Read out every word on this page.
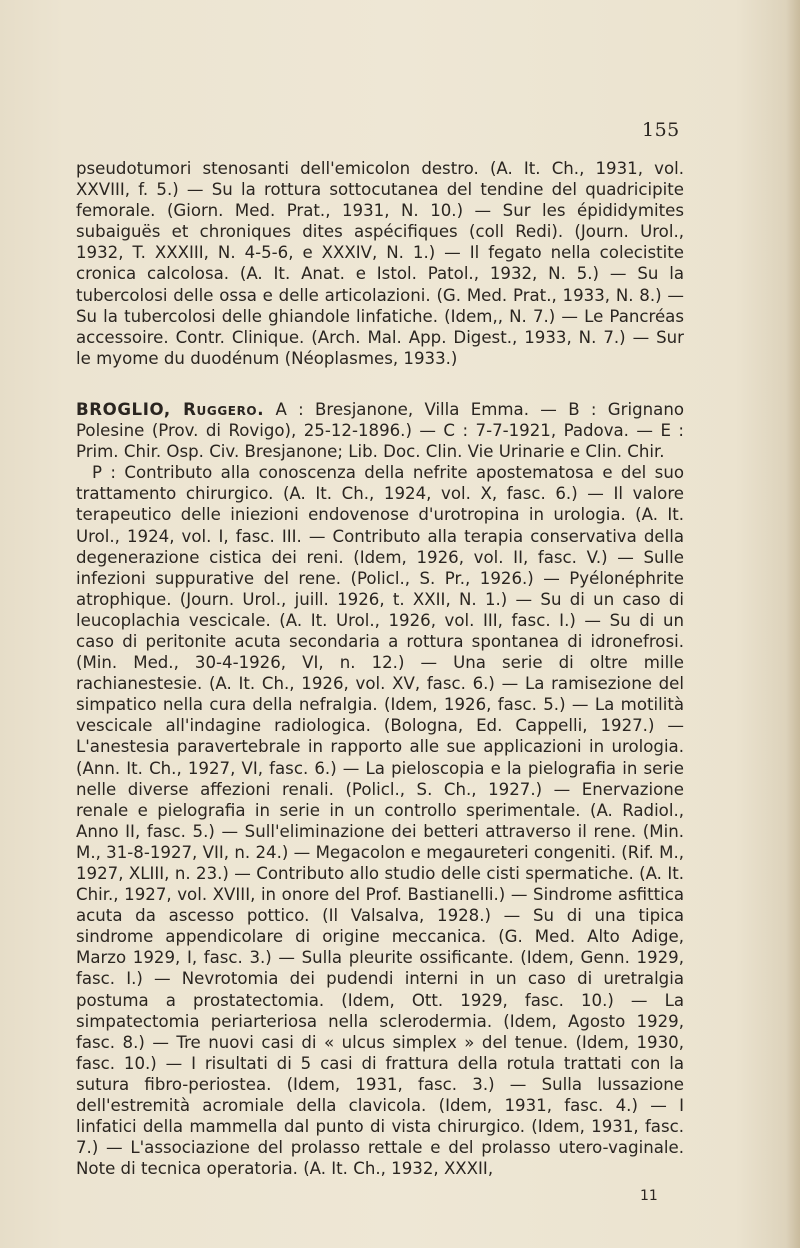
155

pseudotumori stenosanti dell'emicolon destro. (A. It. Ch., 1931, vol. XXVIII, f. 5.) — Su la rottura sottocutanea del tendine del quadricipite femorale. (Giorn. Med. Prat., 1931, N. 10.) — Sur les épididymites subaiguës et chroniques dites aspécifiques (coll Redi). (Journ. Urol., 1932, T. XXXIII, N. 4-5-6, e XXXIV, N. 1.) — Il fegato nella colecistite cronica calcolosa. (A. It. Anat. e Istol. Patol., 1932, N. 5.) — Su la tubercolosi delle ossa e delle articolazioni. (G. Med. Prat., 1933, N. 8.) — Su la tubercolosi delle ghiandole linfatiche. (Idem,, N. 7.) — Le Pancréas accessoire. Contr. Clinique. (Arch. Mal. App. Digest., 1933, N. 7.) — Sur le myome du duodénum (Néoplasmes, 1933.)

BROGLIO, Ruggero. A : Bresjanone, Villa Emma. — B : Grignano Polesine (Prov. di Rovigo), 25-12-1896.) — C : 7-7-1921, Padova. — E : Prim. Chir. Osp. Civ. Bresjanone; Lib. Doc. Clin. Vie Urinarie e Clin. Chir.

P : Contributo alla conoscenza della nefrite apostematosa e del suo trattamento chirurgico. (A. It. Ch., 1924, vol. X, fasc. 6.) — Il valore terapeutico delle iniezioni endovenose d'urotropina in urologia. (A. It. Urol., 1924, vol. I, fasc. III. — Contributo alla terapia conservativa della degenerazione cistica dei reni. (Idem, 1926, vol. II, fasc. V.) — Sulle infezioni suppurative del rene. (Policl., S. Pr., 1926.) — Pyélonéphrite atrophique. (Journ. Urol., juill. 1926, t. XXII, N. 1.) — Su di un caso di leucoplachia vescicale. (A. It. Urol., 1926, vol. III, fasc. I.) — Su di un caso di peritonite acuta secondaria a rottura spontanea di idronefrosi. (Min. Med., 30-4-1926, VI, n. 12.) — Una serie di oltre mille rachianestesie. (A. It. Ch., 1926, vol. XV, fasc. 6.) — La ramisezione del simpatico nella cura della nefralgia. (Idem, 1926, fasc. 5.) — La motilità vescicale all'indagine radiologica. (Bologna, Ed. Cappelli, 1927.) — L'anestesia paravertebrale in rapporto alle sue applicazioni in urologia. (Ann. It. Ch., 1927, VI, fasc. 6.) — La pieloscopia e la pielografia in serie nelle diverse affezioni renali. (Policl., S. Ch., 1927.) — Enervazione renale e pielografia in serie in un controllo sperimentale. (A. Radiol., Anno II, fasc. 5.) — Sull'eliminazione dei betteri attraverso il rene. (Min. M., 31-8-1927, VII, n. 24.) — Megacolon e megaureteri congeniti. (Rif. M., 1927, XLIII, n. 23.) — Contributo allo studio delle cisti spermatiche. (A. It. Chir., 1927, vol. XVIII, in onore del Prof. Bastianelli.) — Sindrome asfittica acuta da ascesso pottico. (Il Valsalva, 1928.) — Su di una tipica sindrome appendicolare di origine meccanica. (G. Med. Alto Adige, Marzo 1929, I, fasc. 3.) — Sulla pleurite ossificante. (Idem, Genn. 1929, fasc. I.) — Nevrotomia dei pudendi interni in un caso di uretralgia postuma a prostatectomia. (Idem, Ott. 1929, fasc. 10.) — La simpatectomia periarteriosa nella sclerodermia. (Idem, Agosto 1929, fasc. 8.) — Tre nuovi casi di « ulcus simplex » del tenue. (Idem, 1930, fasc. 10.) — I risultati di 5 casi di frattura della rotula trattati con la sutura fibro-periostea. (Idem, 1931, fasc. 3.) — Sulla lussazione dell'estremità acromiale della clavicola. (Idem, 1931, fasc. 4.) — I linfatici della mammella dal punto di vista chirurgico. (Idem, 1931, fasc. 7.) — L'associazione del prolasso rettale e del prolasso utero-vaginale. Note di tecnica operatoria. (A. It. Ch., 1932, XXXII,

11
